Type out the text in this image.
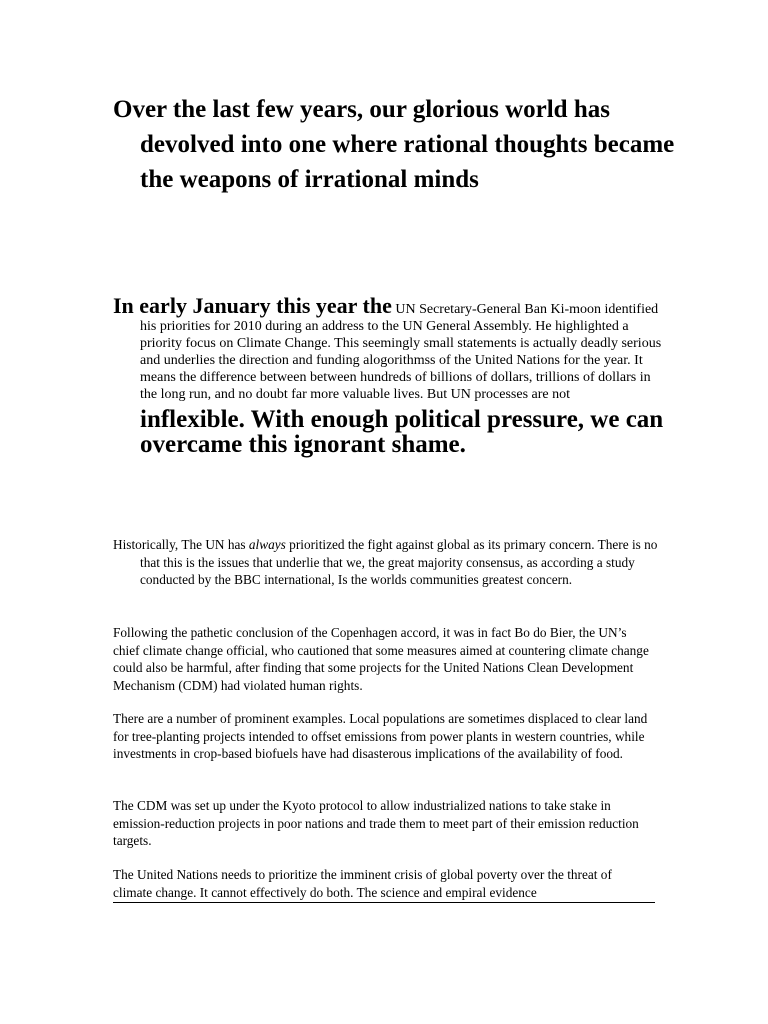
Over the last few years, our glorious world has devolved into one where rational thoughts became the weapons of irrational minds

In early January this year the UN Secretary-General Ban Ki-moon identified his priorities for 2010 during an address to the UN General Assembly. He highlighted a priority focus on Climate Change. This seemingly small statements is actually deadly serious and underlies the direction and funding alogorithmss of the United Nations for the year. It means the difference between between hundreds of billions of dollars, trillions of dollars in the long run, and no doubt far more valuable lives. But UN processes are not inflexible. With enough political pressure, we can overcame this ignorant shame.

Historically, The UN has always prioritized the fight against global as its primary concern. There is no that this is the issues that underlie that we, the great majority consensus, as according a study conducted by the BBC international, Is the worlds communities greatest concern.

Following the pathetic conclusion of the Copenhagen accord, it was in fact Bo do Bier, the UN’s chief climate change official, who cautioned that some measures aimed at countering climate change could also be harmful, after finding that some projects for the United Nations Clean Development Mechanism (CDM) had violated human rights.

There are a number of prominent examples. Local populations are sometimes displaced to clear land for tree-planting projects intended to offset emissions from power plants in western countries, while investments in crop-based biofuels have had disasterous implications of the availability of food.

The CDM was set up under the Kyoto protocol to allow industrialized nations to take stake in emission-reduction projects in poor nations and trade them to meet part of their emission reduction targets.

The United Nations needs to prioritize the imminent crisis of global poverty over the threat of climate change. It cannot effectively do both. The science and empiral evidence
